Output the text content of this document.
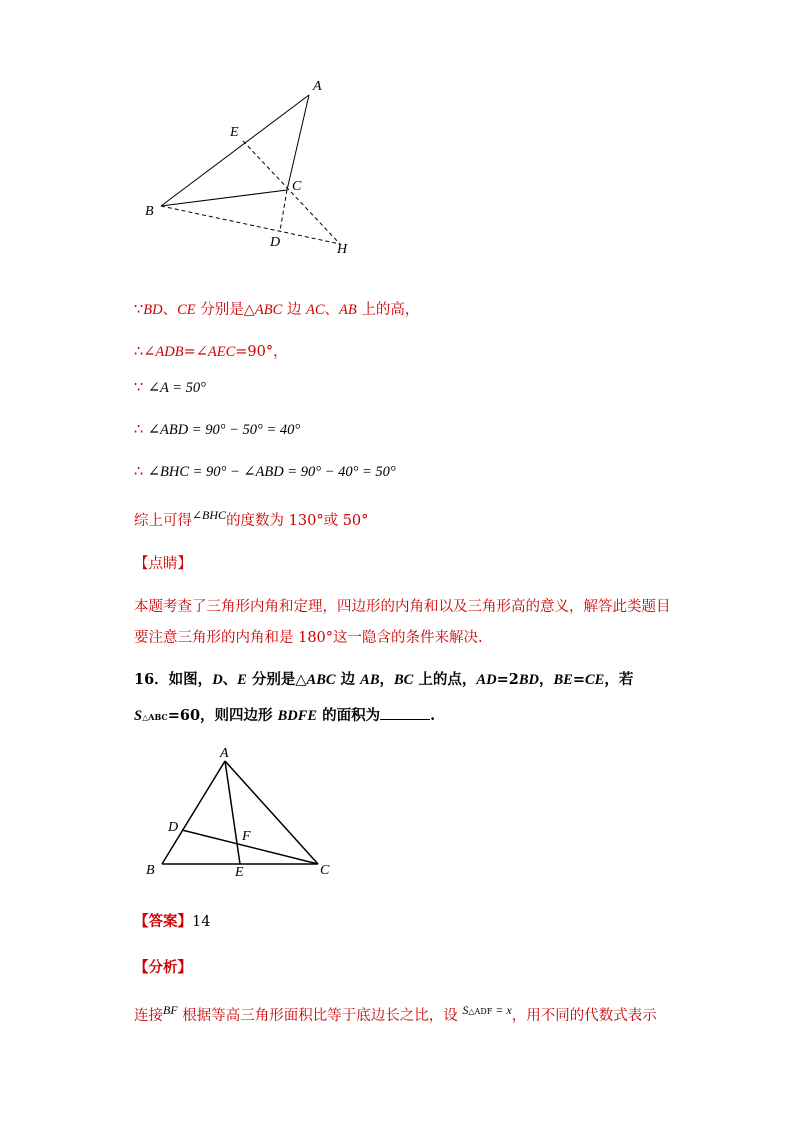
A
E
C
B
D	H
∵BD、CE 分别是△ABC 边 AC、AB 上的高，
∴∠ADB=∠AEC=90°，
∵ ∠A = 50°
∴ ∠ABD = 90° − 50° = 40°
∴ ∠BHC = 90° − ∠ABD = 90° − 40° = 50°
综上可得$^{\angle BHC}$的度数为 130°或 50°
【点睛】
本题考查了三角形内角和定理，四边形的内角和以及三角形高的意义，解答此类题目
要注意三角形的内角和是 180°这一隐含的条件来解决.
16．如图，D、E 分别是△ABC 边 AB，BC 上的点，AD=2BD，BE=CE，若
S△ABC=60，则四边形 BDFE 的面积为	.
A
D
F
B	E	C
【答案】14
【分析】
连接$^{BF}$ 根据等高三角形面积比等于底边长之比，设 $^{S\triangle ADF = x}$，用不同的代数式表示
